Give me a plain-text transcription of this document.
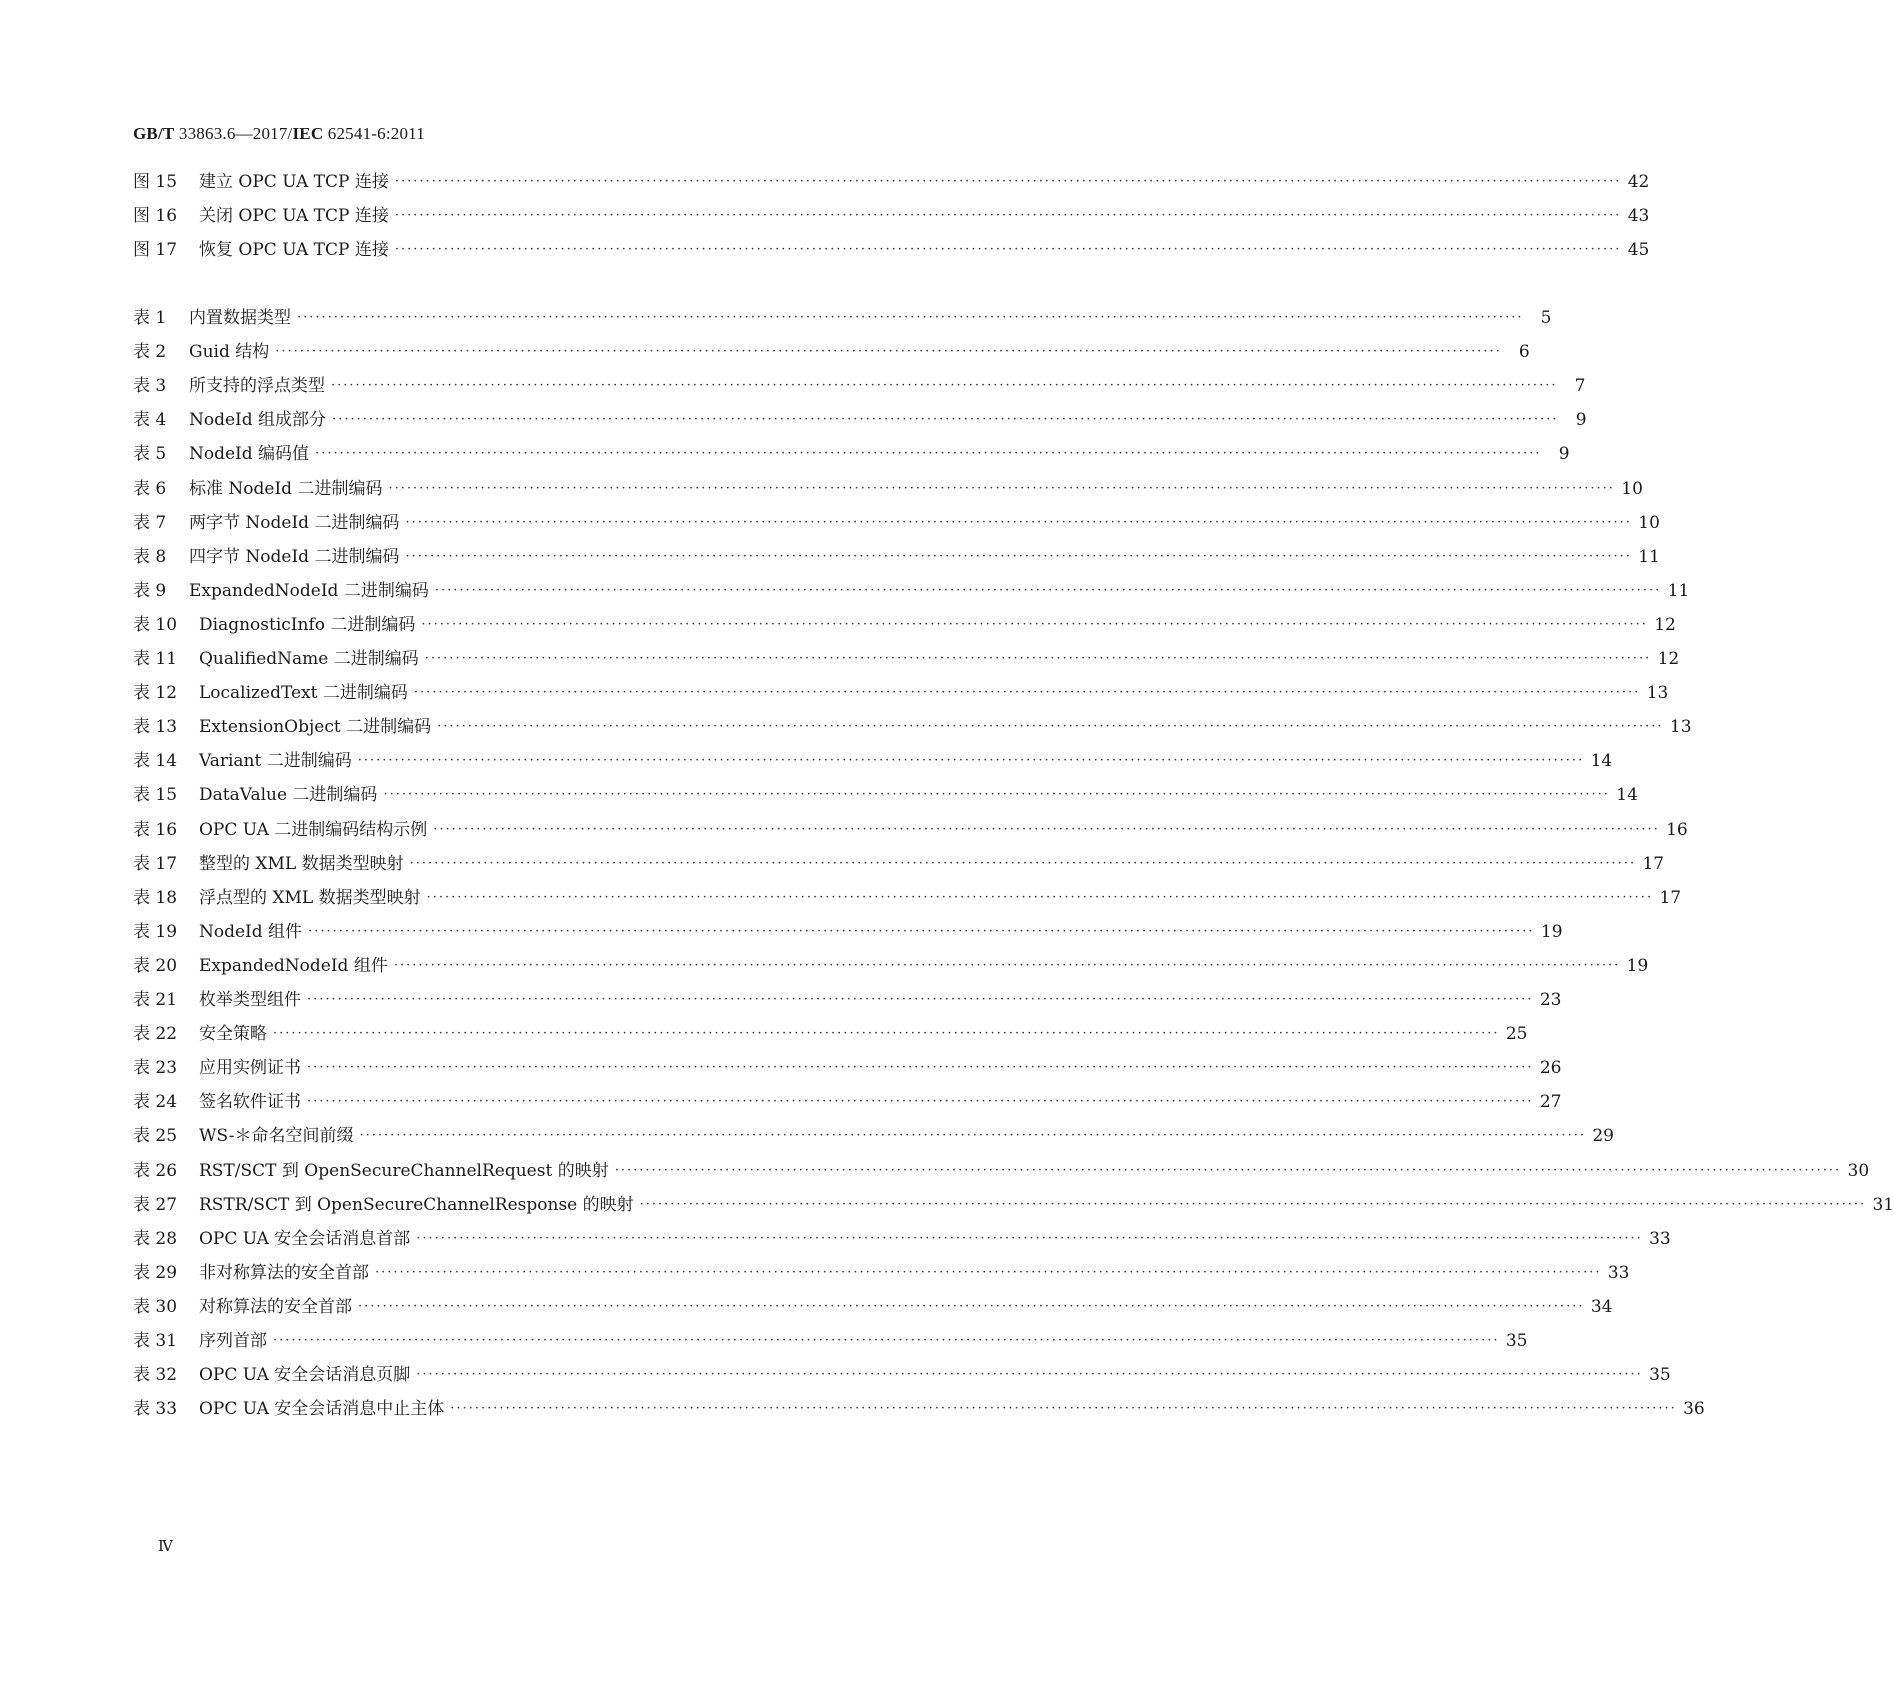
GB/T 33863.6—2017/IEC 62541-6:2011
图 15	建立 OPC UA TCP 连接 ········································································································································································································ 42
图 16	关闭 OPC UA TCP 连接 ········································································································································································································ 43
图 17	恢复 OPC UA TCP 连接 ········································································································································································································ 45
表 1	内置数据类型 ········································································································································································································	5
表 2	Guid 结构 ········································································································································································································	6
表 3	所支持的浮点类型 ········································································································································································································	7
表 4	NodeId 组成部分 ········································································································································································································	9
表 5	NodeId 编码值 ········································································································································································································	9
表 6	标准 NodeId 二进制编码 ········································································································································································································ 10
表 7	两字节 NodeId 二进制编码 ········································································································································································································ 10
表 8	四字节 NodeId 二进制编码 ········································································································································································································ 11
表 9	ExpandedNodeId 二进制编码 ········································································································································································································ 11
表 10	DiagnosticInfo 二进制编码 ········································································································································································································ 12
表 11	QualifiedName 二进制编码 ········································································································································································································ 12
表 12	LocalizedText 二进制编码 ········································································································································································································ 13
表 13	ExtensionObject 二进制编码 ········································································································································································································ 13
表 14	Variant 二进制编码 ········································································································································································································ 14
表 15	DataValue 二进制编码 ········································································································································································································ 14
表 16	OPC UA 二进制编码结构示例 ········································································································································································································ 16
表 17	整型的 XML 数据类型映射 ········································································································································································································ 17
表 18	浮点型的 XML 数据类型映射 ········································································································································································································ 17
表 19	NodeId 组件 ········································································································································································································ 19
表 20	ExpandedNodeId 组件 ········································································································································································································ 19
表 21	枚举类型组件 ········································································································································································································ 23
表 22	安全策略 ········································································································································································································ 25
表 23	应用实例证书 ········································································································································································································ 26
表 24	签名软件证书 ········································································································································································································ 27
表 25	WS-＊命名空间前缀 ········································································································································································································ 29
表 26	RST/SCT 到 OpenSecureChannelRequest 的映射 ········································································································································································································ 30
表 27	RSTR/SCT 到 OpenSecureChannelResponse 的映射 ········································································································································································································ 31
表 28	OPC UA 安全会话消息首部 ········································································································································································································ 33
表 29	非对称算法的安全首部 ········································································································································································································ 33
表 30	对称算法的安全首部 ········································································································································································································ 34
表 31	序列首部 ········································································································································································································ 35
表 32	OPC UA 安全会话消息页脚 ········································································································································································································ 35
表 33	OPC UA 安全会话消息中止主体 ········································································································································································································ 36
Ⅳ
